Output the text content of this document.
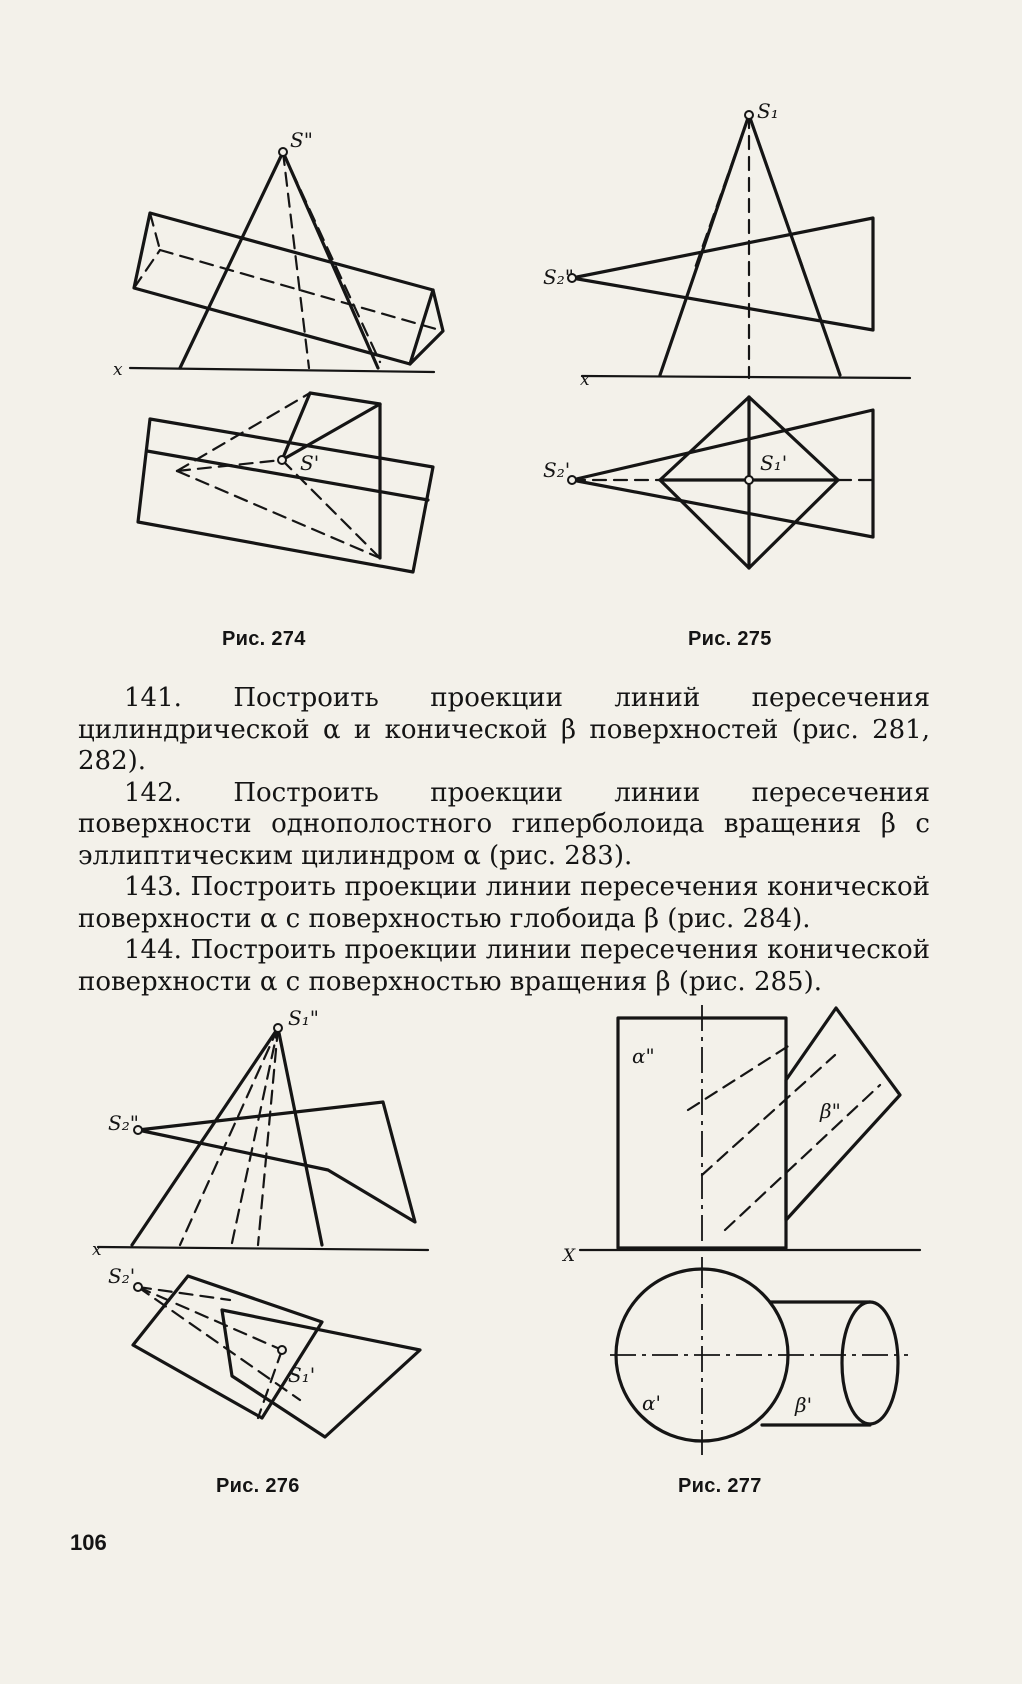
x
S"
S'
Рис. 274
x
S₁
S₂"
S₁'
S₂'
Рис. 275

141. Построить проекции линий пересечения цилиндрической α и конической β поверхностей (рис. 281, 282).

142. Построить проекции линии пересечения поверхности однополостного гиперболоида вращения β с эллиптическим цилиндром α (рис. 283).

143. Построить проекции линии пересечения конической поверхности α с поверхностью глобоида β (рис. 284).

144. Построить проекции линии пересечения конической поверхности α с поверхностью вращения β (рис. 285).

x
S₁"
S₂"
S₁'
S₂'
Рис. 276
α"
β"
X
α'	β'
Рис. 277
106
